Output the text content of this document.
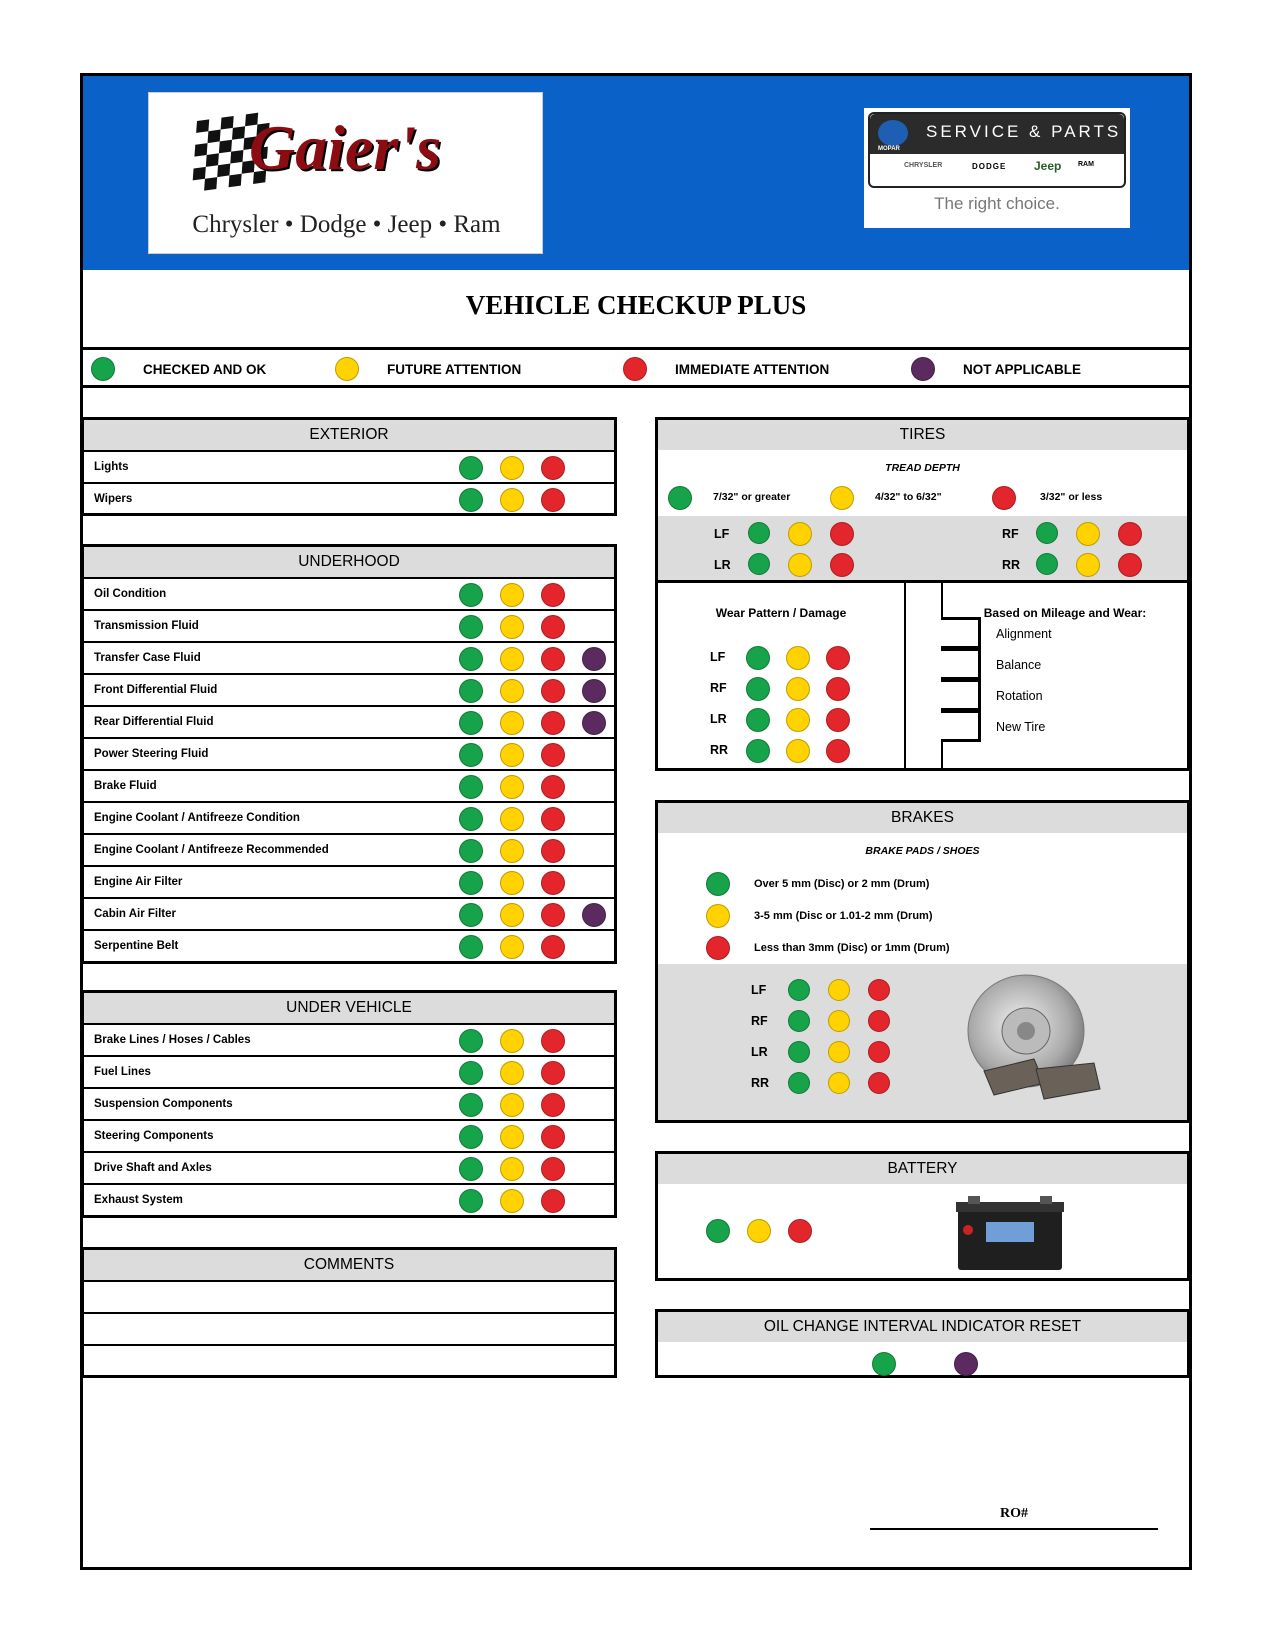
Gaier's
Chrysler • Dodge • Jeep • Ram
MOPAR
SERVICE & PARTS
CHRYSLER	DODGE Jeep RAM
The right choice.
VEHICLE CHECKUP PLUS
CHECKED AND OK	FUTURE ATTENTION	IMMEDIATE ATTENTION	NOT APPLICABLE
EXTERIOR
Lights
Wipers
UNDERHOOD
Oil Condition
Transmission Fluid
Transfer Case Fluid
Front Differential Fluid
Rear Differential Fluid
Power Steering Fluid
Brake Fluid
Engine Coolant / Antifreeze Condition
Engine Coolant / Antifreeze Recommended
Engine Air Filter
Cabin Air Filter
Serpentine Belt
UNDER VEHICLE
Brake Lines / Hoses / Cables
Fuel Lines
Suspension Components
Steering Components
Drive Shaft and Axles
Exhaust System
COMMENTS
TIRES
TREAD DEPTH
7/32" or greater	4/32" to 6/32"	3/32" or less
LF
LR
RF
RR
Wear Pattern / Damage	Based on Mileage and Wear:
LF
RF
LR
RR
Alignment
Balance
Rotation
New Tire
BRAKES
BRAKE PADS / SHOES
Over 5 mm (Disc) or 2 mm (Drum)
3-5 mm (Disc or 1.01-2 mm (Drum)
Less than 3mm (Disc) or 1mm (Drum)
LF
RF
LR
RR
BATTERY
OIL CHANGE INTERVAL INDICATOR RESET
RO#
